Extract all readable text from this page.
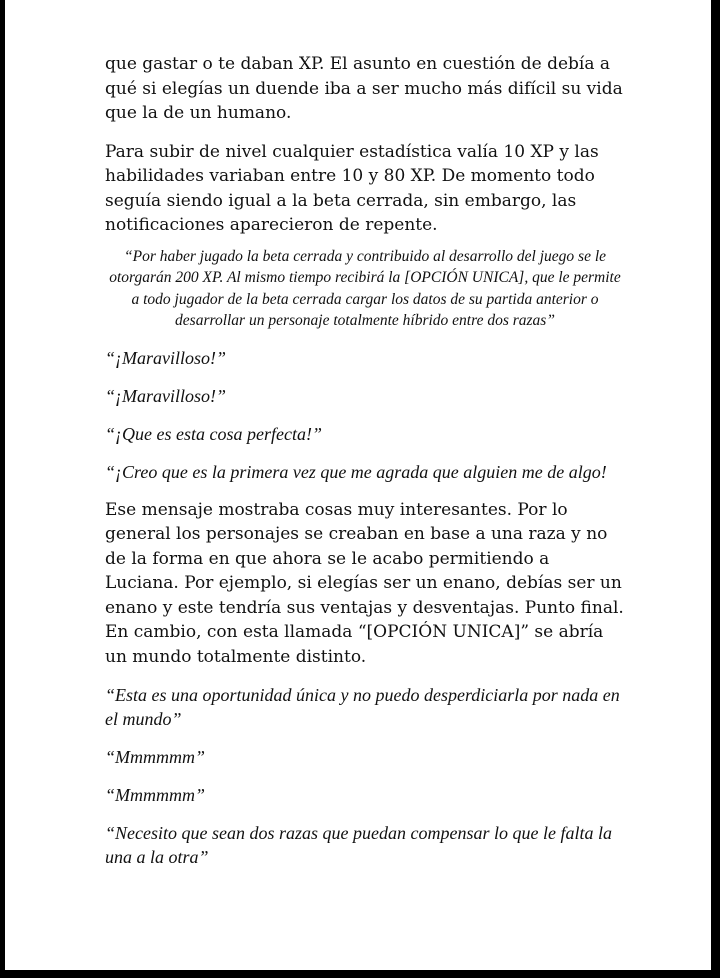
que gastar o te daban XP. El asunto en cuestión de debía a qué si elegías un duende iba a ser mucho más difícil su vida que la de un humano.

Para subir de nivel cualquier estadística valía 10 XP y las habilidades variaban entre 10 y 80 XP. De momento todo seguía siendo igual a la beta cerrada, sin embargo, las notificaciones aparecieron de repente.

“Por haber jugado la beta cerrada y contribuido al desarrollo del juego se le otorgarán 200 XP. Al mismo tiempo recibirá la [OPCIÓN UNICA], que le permite a todo jugador de la beta cerrada cargar los datos de su partida anterior o desarrollar un personaje totalmente híbrido entre dos razas”

“¡Maravilloso!”

“¡Maravilloso!”

“¡Que es esta cosa perfecta!”

“¡Creo que es la primera vez que me agrada que alguien me de algo!

Ese mensaje mostraba cosas muy interesantes. Por lo general los personajes se creaban en base a una raza y no de la forma en que ahora se le acabo permitiendo a Luciana. Por ejemplo, si elegías ser un enano, debías ser un enano y este tendría sus ventajas y desventajas. Punto final. En cambio, con esta llamada “[OPCIÓN UNICA]” se abría un mundo totalmente distinto.

“Esta es una oportunidad única y no puedo desperdiciarla por nada en el mundo”

“Mmmmmm”

“Mmmmmm”

“Necesito que sean dos razas que puedan compensar lo que le falta la una a la otra”
